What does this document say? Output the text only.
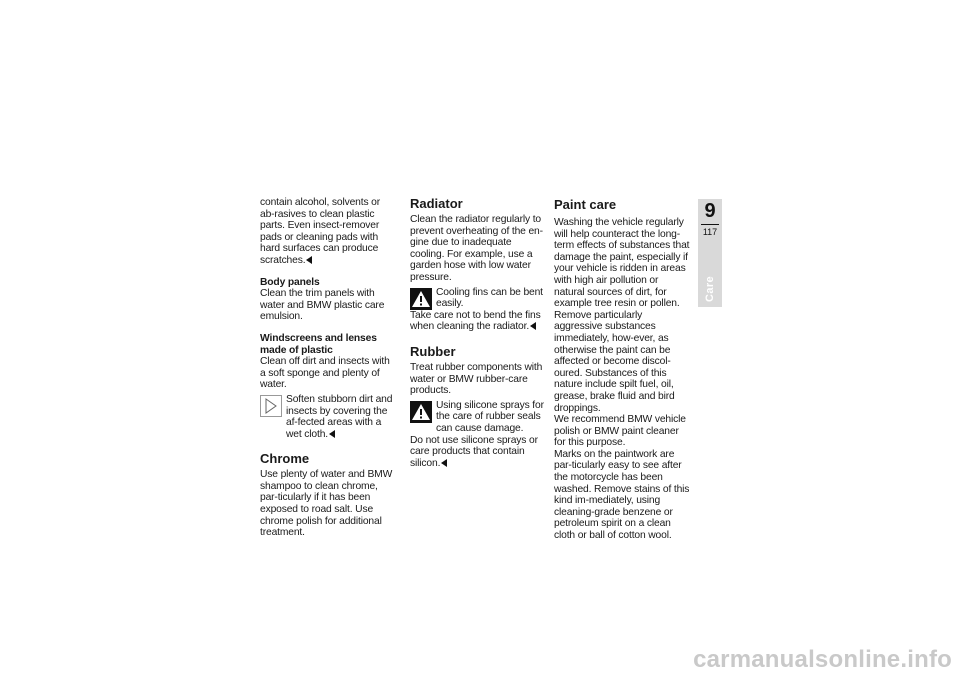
contain alcohol, solvents or ab-rasives to clean plastic parts. Even insect-remover pads or cleaning pads with hard surfaces can produce scratches.

Body panels

Clean the trim panels with water and BMW plastic care emulsion.

Windscreens and lenses made of plastic

Clean off dirt and insects with a soft sponge and plenty of water.

Soften stubborn dirt and insects by covering the af-fected areas with a wet cloth.

Chrome

Use plenty of water and BMW shampoo to clean chrome, par-ticularly if it has been exposed to road salt. Use chrome polish for additional treatment.

Radiator

Clean the radiator regularly to prevent overheating of the en-gine due to inadequate cooling. For example, use a garden hose with low water pressure.

Cooling fins can be bent easily.

Take care not to bend the fins when cleaning the radiator.

Rubber

Treat rubber components with water or BMW rubber-care products.

Using silicone sprays for the care of rubber seals can cause damage.

Do not use silicone sprays or care products that contain silicon.

Paint care

Washing the vehicle regularly will help counteract the long-term effects of substances that damage the paint, especially if your vehicle is ridden in areas with high air pollution or natural sources of dirt, for example tree resin or pollen.

Remove particularly aggressive substances immediately, how-ever, as otherwise the paint can be affected or become discol-oured. Substances of this nature include spilt fuel, oil, grease, brake fluid and bird droppings.

We recommend BMW vehicle polish or BMW paint cleaner for this purpose.

Marks on the paintwork are par-ticularly easy to see after the motorcycle has been washed. Remove stains of this kind im-mediately, using cleaning-grade benzene or petroleum spirit on a clean cloth or ball of cotton wool.

9
117
Care
carmanualsonline.info
